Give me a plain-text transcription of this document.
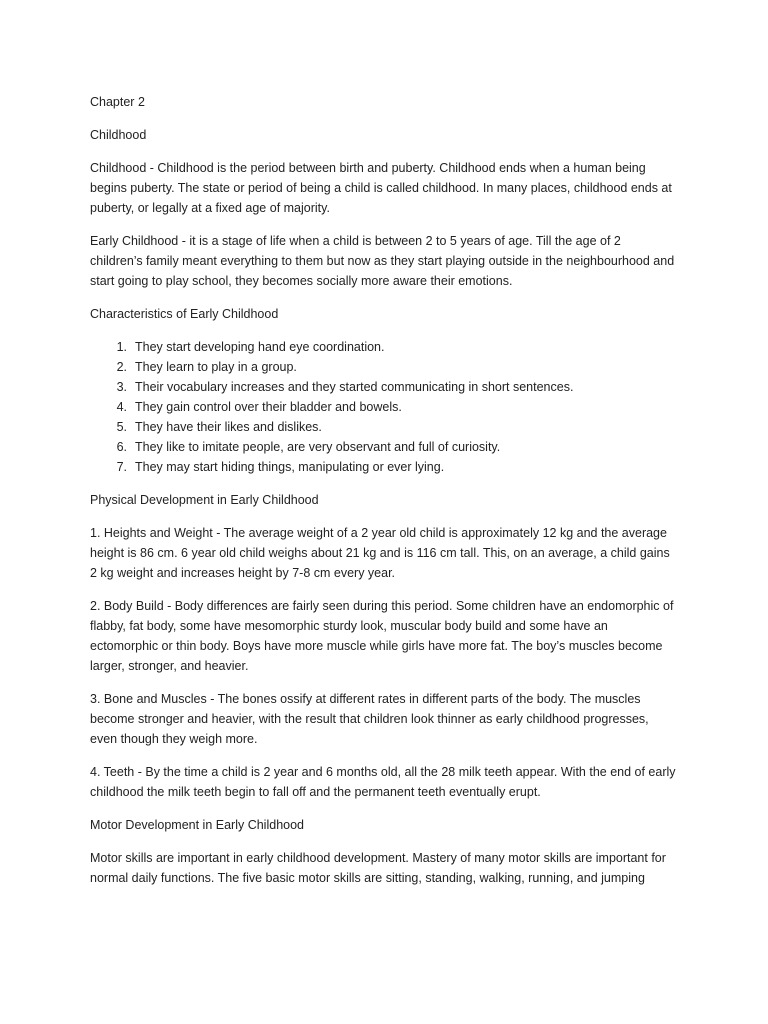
Chapter 2

Childhood

Childhood - Childhood is the period between birth and puberty. Childhood ends when a human being begins puberty. The state or period of being a child is called childhood. In many places, childhood ends at puberty, or legally at a fixed age of majority.

Early Childhood - it is a stage of life when a child is between 2 to 5 years of age. Till the age of 2 children’s family meant everything to them but now as they start playing outside in the neighbourhood and start going to play school, they becomes socially more aware their emotions.

Characteristics of Early Childhood

1. They start developing hand eye coordination.
2. They learn to play in a group.
3. Their vocabulary increases and they started communicating in short sentences.
4. They gain control over their bladder and bowels.
5. They have their likes and dislikes.
6. They like to imitate people, are very observant and full of curiosity.
7. They may start hiding things, manipulating or ever lying.

Physical Development in Early Childhood

1. Heights and Weight - The average weight of a 2 year old child is approximately 12 kg and the average height is 86 cm. 6 year old child weighs about 21 kg and is 116 cm tall. This, on an average, a child gains 2 kg weight and increases height by 7-8 cm every year.

2. Body Build - Body differences are fairly seen during this period. Some children have an endomorphic of flabby, fat body, some have mesomorphic sturdy look, muscular body build and some have an ectomorphic or thin body. Boys have more muscle while girls have more fat. The boy’s muscles become larger, stronger, and heavier.

3. Bone and Muscles - The bones ossify at different rates in different parts of the body. The muscles become stronger and heavier, with the result that children look thinner as early childhood progresses, even though they weigh more.

4. Teeth - By the time a child is 2 year and 6 months old, all the 28 milk teeth appear. With the end of early childhood the milk teeth begin to fall off and the permanent teeth eventually erupt.

Motor Development in Early Childhood

Motor skills are important in early childhood development. Mastery of many motor skills are important for normal daily functions. The five basic motor skills are sitting, standing, walking, running, and jumping
